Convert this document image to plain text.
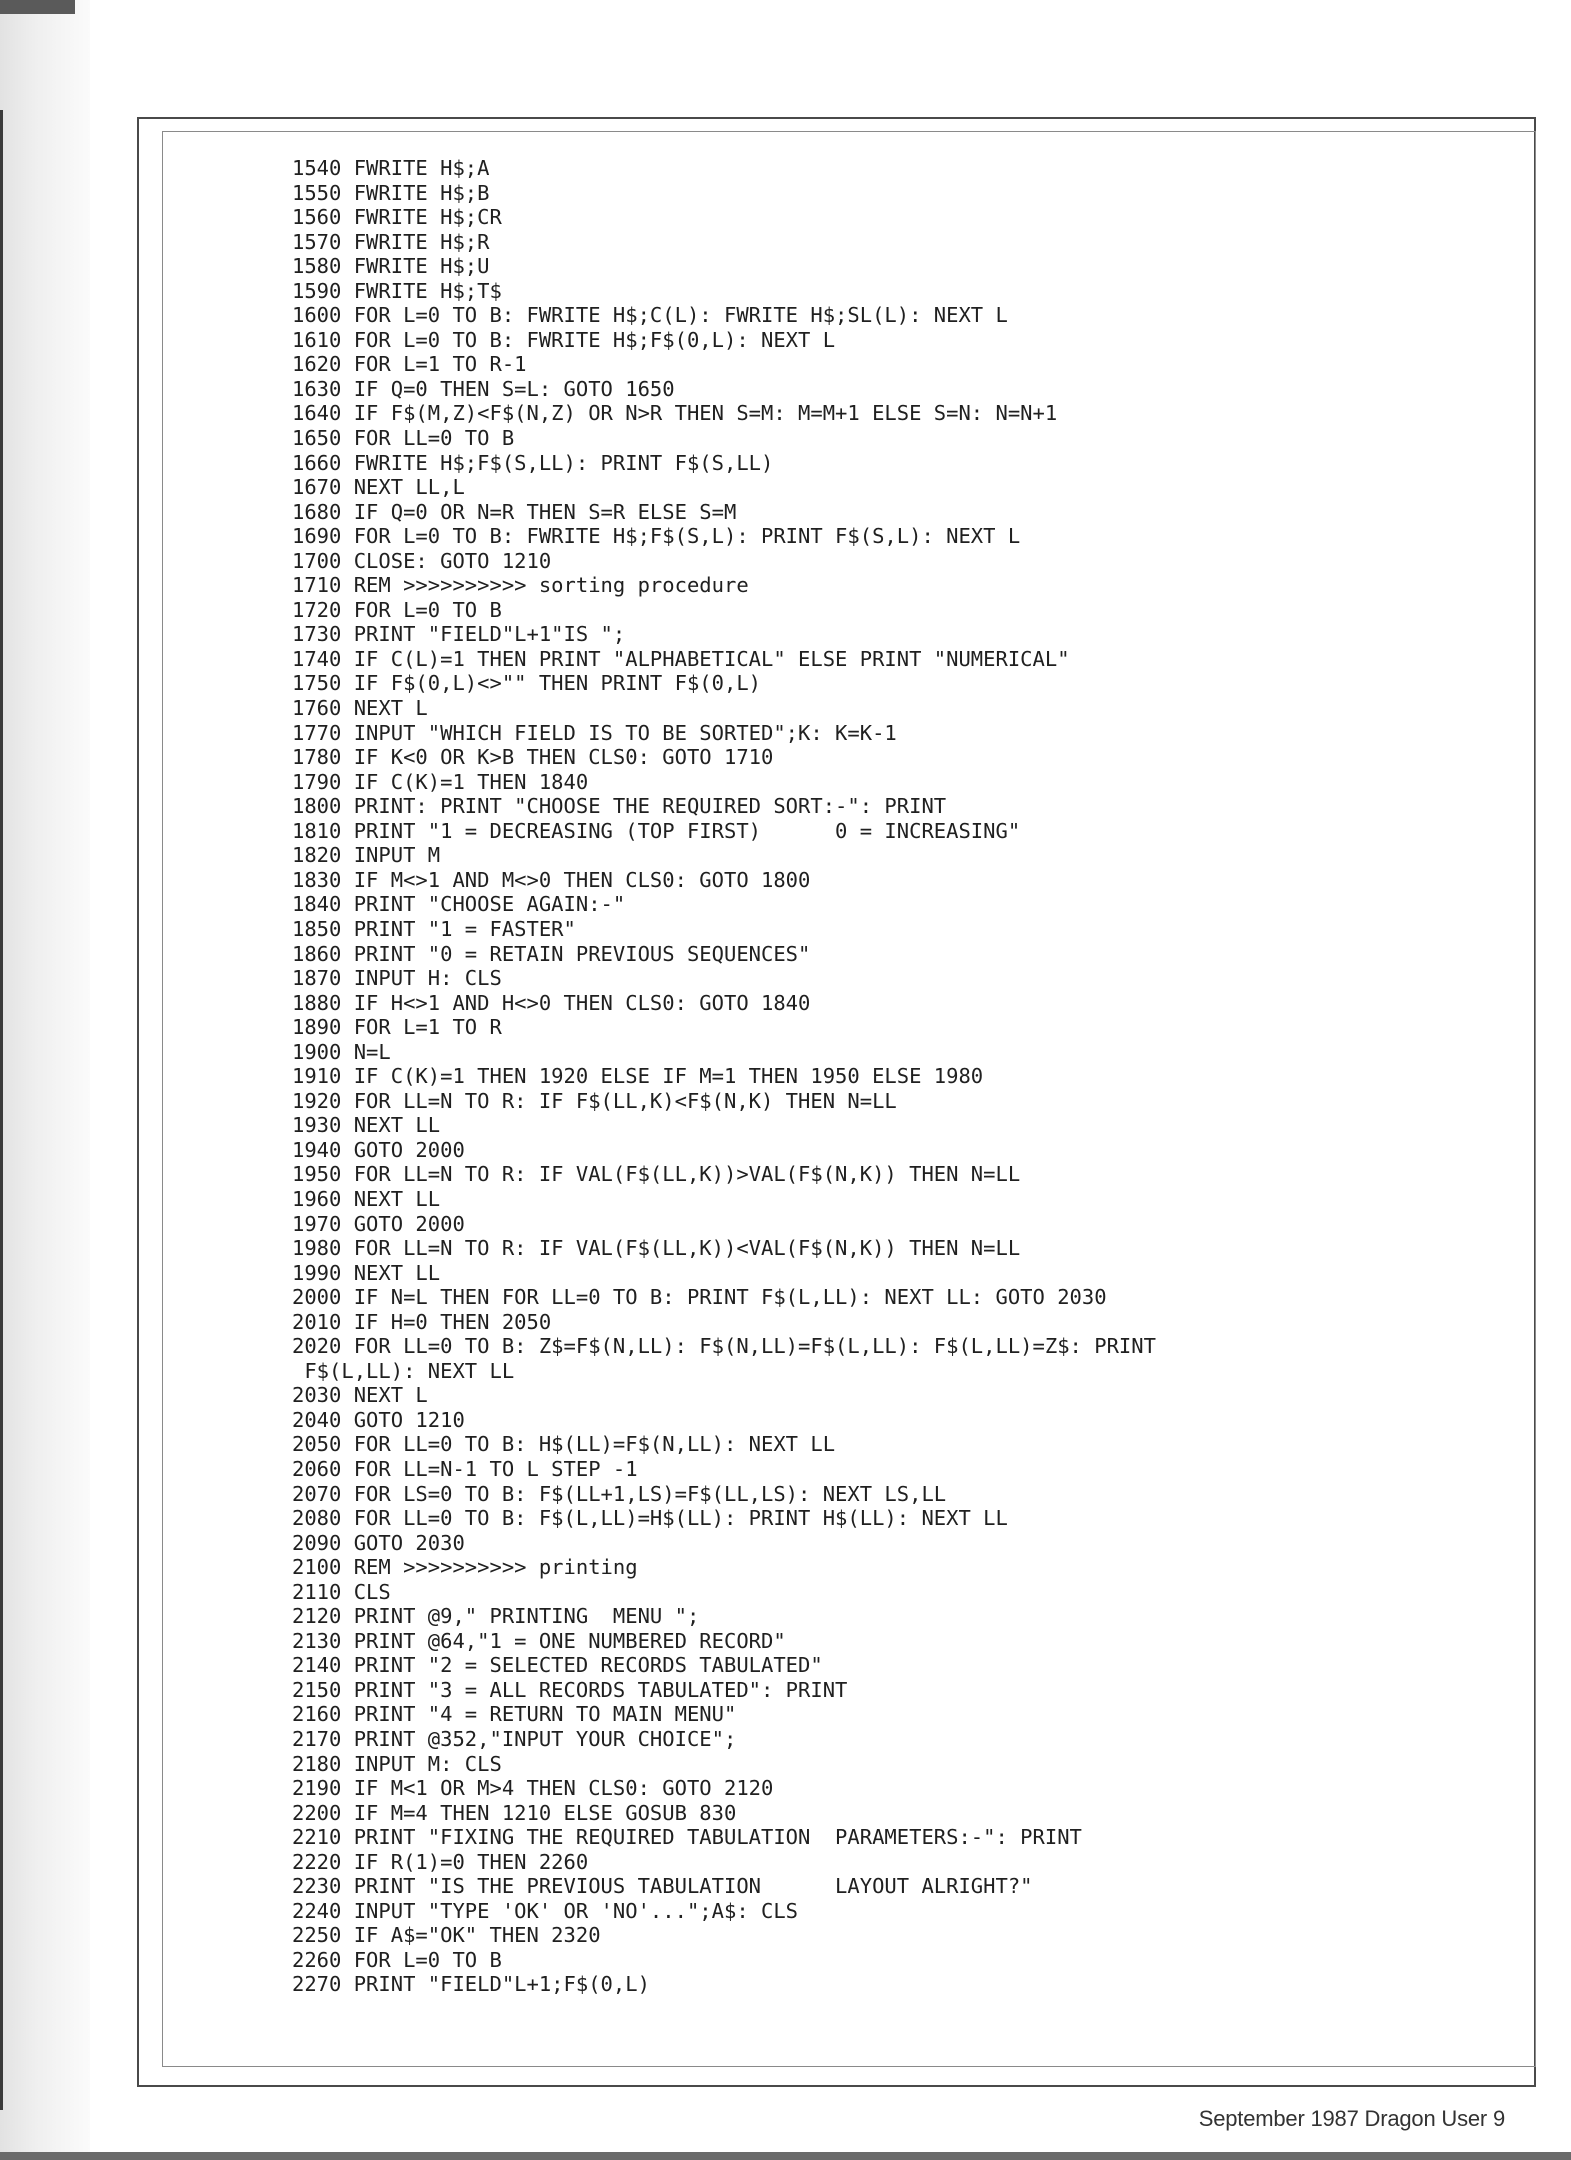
1540 FWRITE H$;A
1550 FWRITE H$;B
1560 FWRITE H$;CR
1570 FWRITE H$;R
1580 FWRITE H$;U
1590 FWRITE H$;T$
1600 FOR L=0 TO B: FWRITE H$;C(L): FWRITE H$;SL(L): NEXT L
1610 FOR L=0 TO B: FWRITE H$;F$(0,L): NEXT L
1620 FOR L=1 TO R-1
1630 IF Q=0 THEN S=L: GOTO 1650
1640 IF F$(M,Z)<F$(N,Z) OR N>R THEN S=M: M=M+1 ELSE S=N: N=N+1
1650 FOR LL=0 TO B
1660 FWRITE H$;F$(S,LL): PRINT F$(S,LL)
1670 NEXT LL,L
1680 IF Q=0 OR N=R THEN S=R ELSE S=M
1690 FOR L=0 TO B: FWRITE H$;F$(S,L): PRINT F$(S,L): NEXT L
1700 CLOSE: GOTO 1210
1710 REM >>>>>>>>>> sorting procedure
1720 FOR L=0 TO B
1730 PRINT "FIELD"L+1"IS ";
1740 IF C(L)=1 THEN PRINT "ALPHABETICAL" ELSE PRINT "NUMERICAL"
1750 IF F$(0,L)<>"" THEN PRINT F$(0,L)
1760 NEXT L
1770 INPUT "WHICH FIELD IS TO BE SORTED";K: K=K-1
1780 IF K<0 OR K>B THEN CLS0: GOTO 1710
1790 IF C(K)=1 THEN 1840
1800 PRINT: PRINT "CHOOSE THE REQUIRED SORT:-": PRINT
1810 PRINT "1 = DECREASING (TOP FIRST)      0 = INCREASING"
1820 INPUT M
1830 IF M<>1 AND M<>0 THEN CLS0: GOTO 1800
1840 PRINT "CHOOSE AGAIN:-"
1850 PRINT "1 = FASTER"
1860 PRINT "0 = RETAIN PREVIOUS SEQUENCES"
1870 INPUT H: CLS
1880 IF H<>1 AND H<>0 THEN CLS0: GOTO 1840
1890 FOR L=1 TO R
1900 N=L
1910 IF C(K)=1 THEN 1920 ELSE IF M=1 THEN 1950 ELSE 1980
1920 FOR LL=N TO R: IF F$(LL,K)<F$(N,K) THEN N=LL
1930 NEXT LL
1940 GOTO 2000
1950 FOR LL=N TO R: IF VAL(F$(LL,K))>VAL(F$(N,K)) THEN N=LL
1960 NEXT LL
1970 GOTO 2000
1980 FOR LL=N TO R: IF VAL(F$(LL,K))<VAL(F$(N,K)) THEN N=LL
1990 NEXT LL
2000 IF N=L THEN FOR LL=0 TO B: PRINT F$(L,LL): NEXT LL: GOTO 2030
2010 IF H=0 THEN 2050
2020 FOR LL=0 TO B: Z$=F$(N,LL): F$(N,LL)=F$(L,LL): F$(L,LL)=Z$: PRINT
F$(L,LL): NEXT LL
2030 NEXT L
2040 GOTO 1210
2050 FOR LL=0 TO B: H$(LL)=F$(N,LL): NEXT LL
2060 FOR LL=N-1 TO L STEP -1
2070 FOR LS=0 TO B: F$(LL+1,LS)=F$(LL,LS): NEXT LS,LL
2080 FOR LL=0 TO B: F$(L,LL)=H$(LL): PRINT H$(LL): NEXT LL
2090 GOTO 2030
2100 REM >>>>>>>>>> printing
2110 CLS
2120 PRINT @9," PRINTING  MENU ";
2130 PRINT @64,"1 = ONE NUMBERED RECORD"
2140 PRINT "2 = SELECTED RECORDS TABULATED"
2150 PRINT "3 = ALL RECORDS TABULATED": PRINT
2160 PRINT "4 = RETURN TO MAIN MENU"
2170 PRINT @352,"INPUT YOUR CHOICE";
2180 INPUT M: CLS
2190 IF M<1 OR M>4 THEN CLS0: GOTO 2120
2200 IF M=4 THEN 1210 ELSE GOSUB 830
2210 PRINT "FIXING THE REQUIRED TABULATION  PARAMETERS:-": PRINT
2220 IF R(1)=0 THEN 2260
2230 PRINT "IS THE PREVIOUS TABULATION      LAYOUT ALRIGHT?"
2240 INPUT "TYPE 'OK' OR 'NO'...";A$: CLS
2250 IF A$="OK" THEN 2320
2260 FOR L=0 TO B
2270 PRINT "FIELD"L+1;F$(0,L)
September 1987 Dragon User 9
